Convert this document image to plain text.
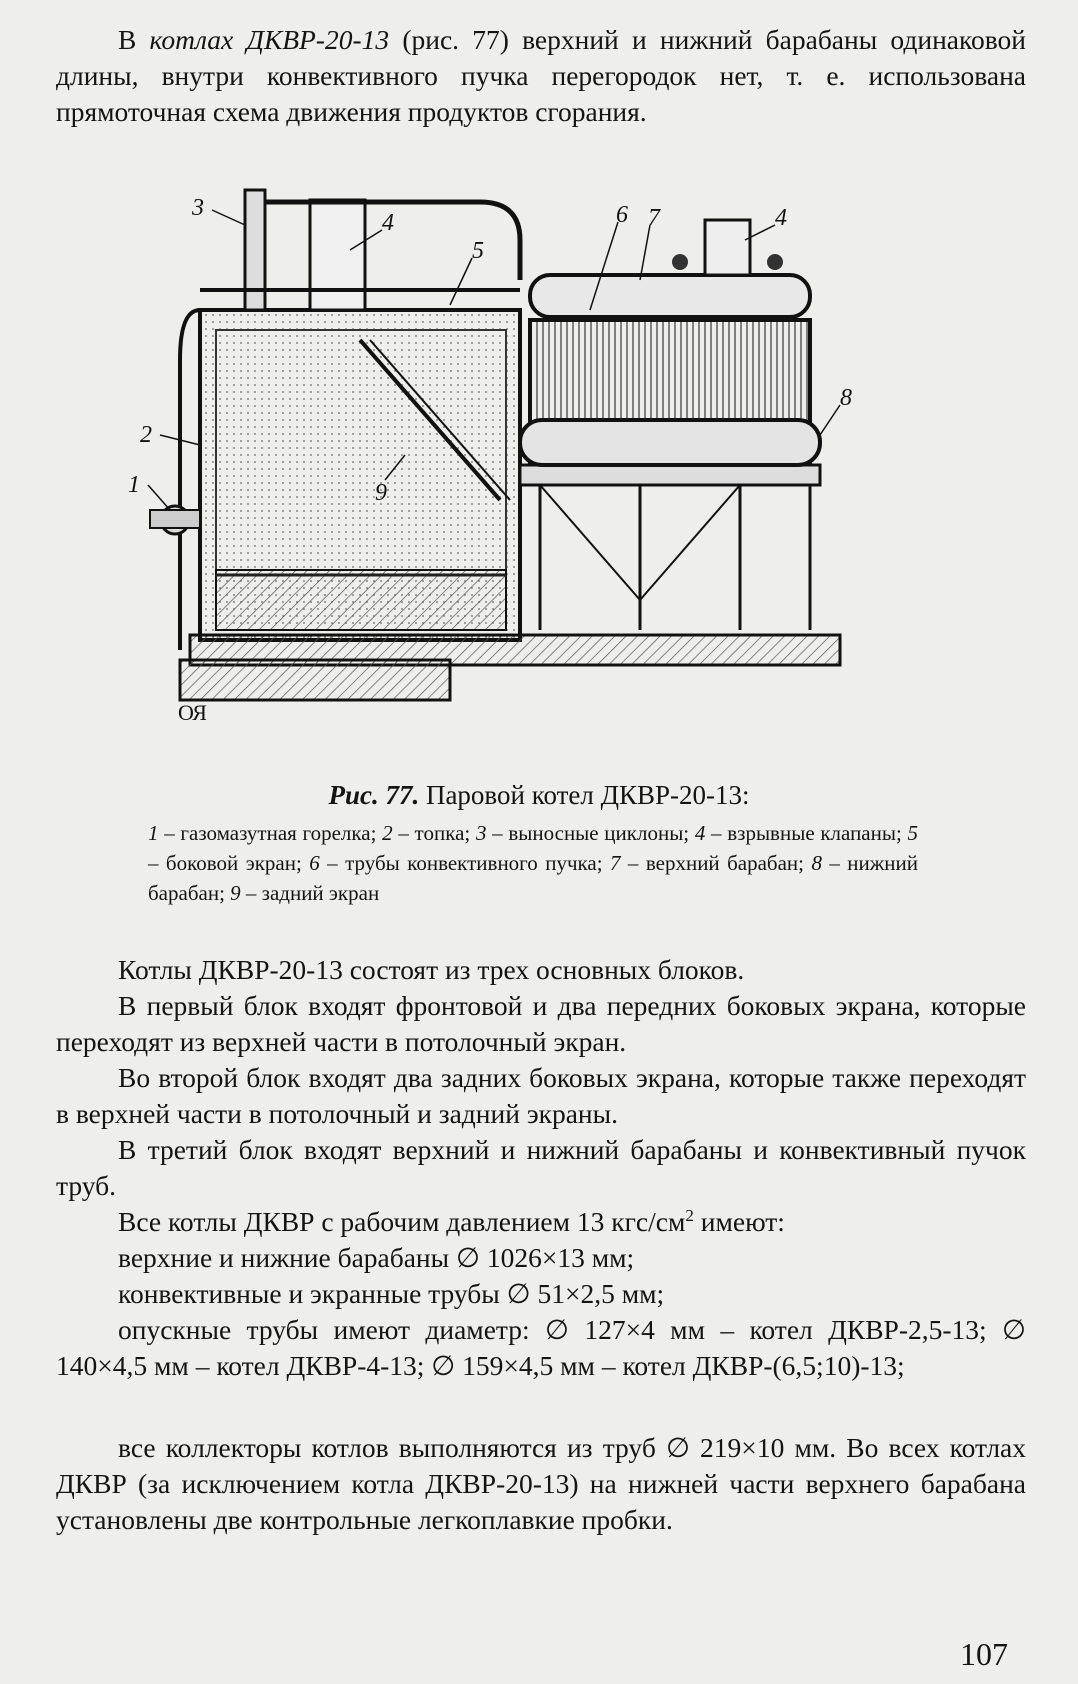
В котлах ДКВР-20-13 (рис. 77) верхний и нижний барабаны одинаковой длины, внутри конвективного пучка перегородок нет, т. е. использована прямоточная схема движения продуктов сгорания.

1
2
3
4
5
6 7	4
8
9
ОЯ
Рис. 77. Паровой котел ДКВР-20-13:

1 – газомазутная горелка; 2 – топка; 3 – выносные циклоны; 4 – взрывные клапаны; 5 – боковой экран; 6 – трубы конвективного пучка; 7 – верхний барабан; 8 – нижний барабан; 9 – задний экран

Котлы ДКВР-20-13 состоят из трех основных блоков.

В первый блок входят фронтовой и два передних боковых экрана, которые переходят из верхней части в потолочный экран.

Во второй блок входят два задних боковых экрана, которые также переходят в верхней части в потолочный и задний экраны.

В третий блок входят верхний и нижний барабаны и конвективный пучок труб.

Все котлы ДКВР с рабочим давлением 13 кгс/$см^2$ имеют:

верхние и нижние барабаны ∅ 1026×13 мм;

конвективные и экранные трубы ∅ 51×2,5 мм;

опускные трубы имеют диаметр: ∅ 127×4 мм – котел ДКВР-2,5-13; ∅ 140×4,5 мм – котел ДКВР-4-13; ∅ 159×4,5 мм – котел ДКВР-(6,5;10)-13;

все коллекторы котлов выполняются из труб ∅ 219×10 мм. Во всех котлах ДКВР (за исключением котла ДКВР-20-13) на нижней части верхнего барабана установлены две контрольные легкоплавкие пробки.

107
